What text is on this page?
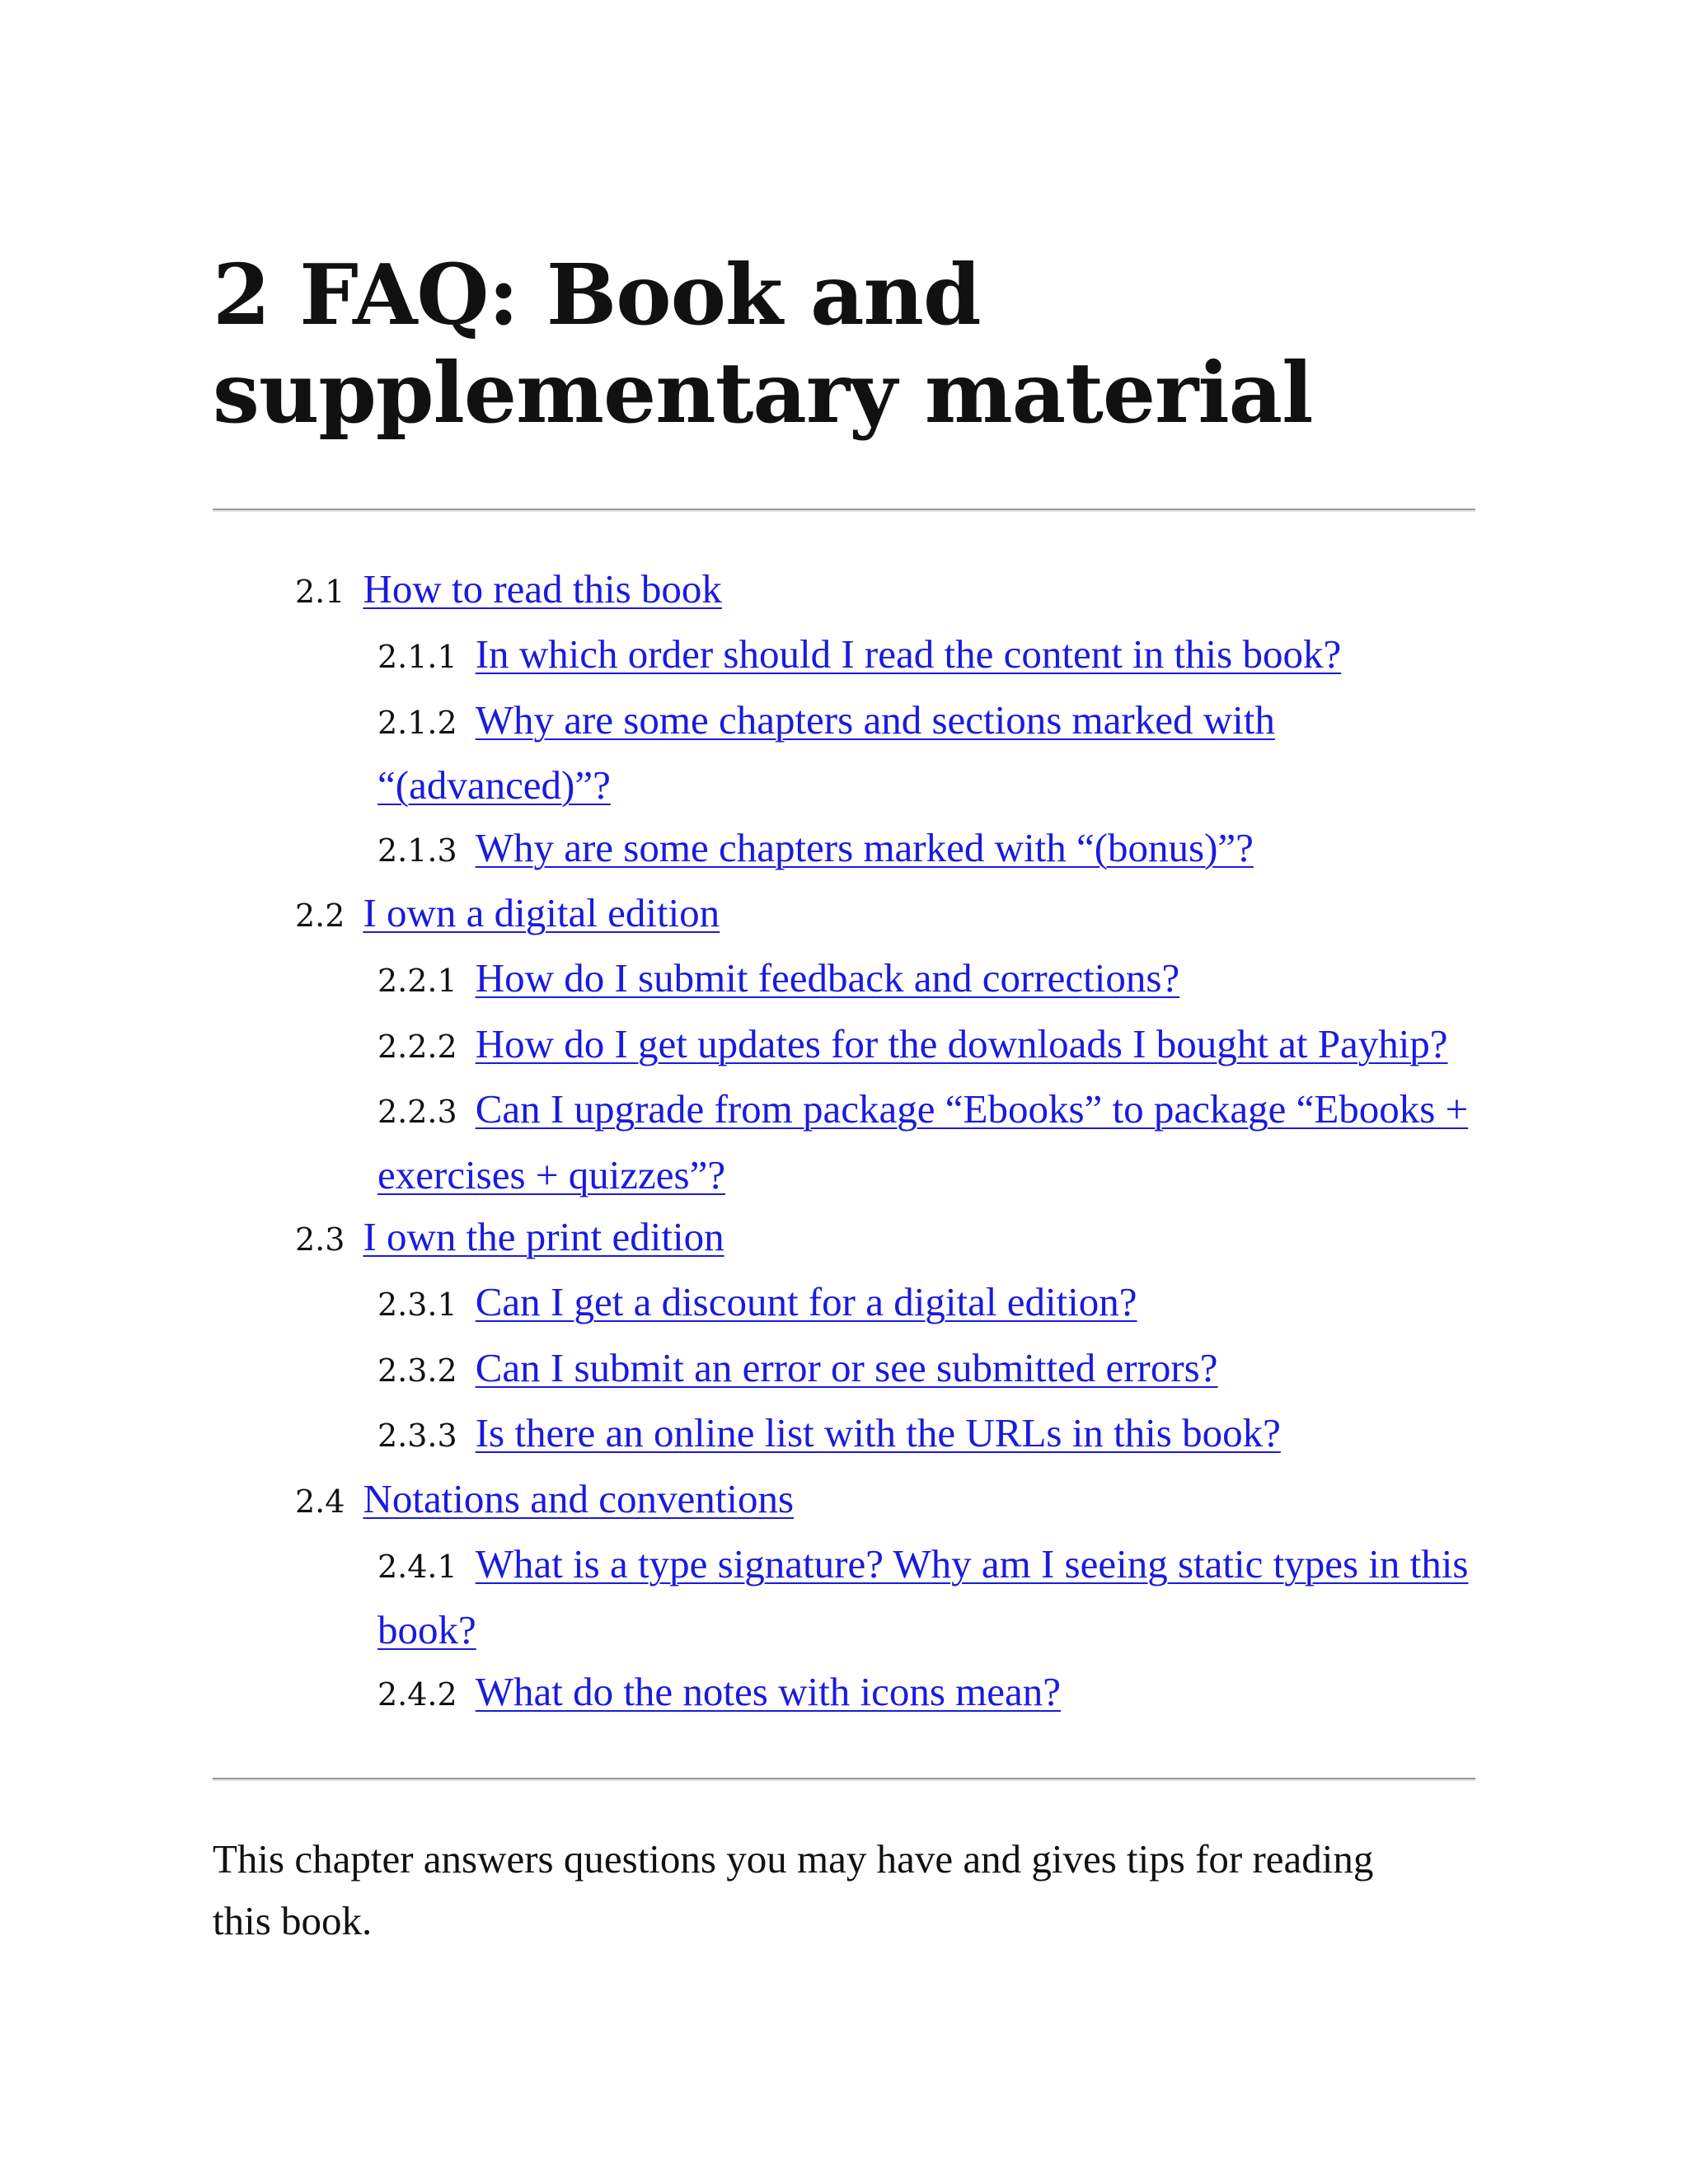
2 FAQ: Book and supplementary material
2.1 How to read this book
2.1.1 In which order should I read the content in this book?
2.1.2 Why are some chapters and sections marked with “(advanced)”?
2.1.3 Why are some chapters marked with “(bonus)”?
2.2 I own a digital edition
2.2.1 How do I submit feedback and corrections?
2.2.2 How do I get updates for the downloads I bought at Payhip?
2.2.3 Can I upgrade from package “Ebooks” to package “Ebooks + exercises + quizzes”?
2.3 I own the print edition
2.3.1 Can I get a discount for a digital edition?
2.3.2 Can I submit an error or see submitted errors?
2.3.3 Is there an online list with the URLs in this book?
2.4 Notations and conventions
2.4.1 What is a type signature? Why am I seeing static types in this book?
2.4.2 What do the notes with icons mean?

This chapter answers questions you may have and gives tips for reading this book.
